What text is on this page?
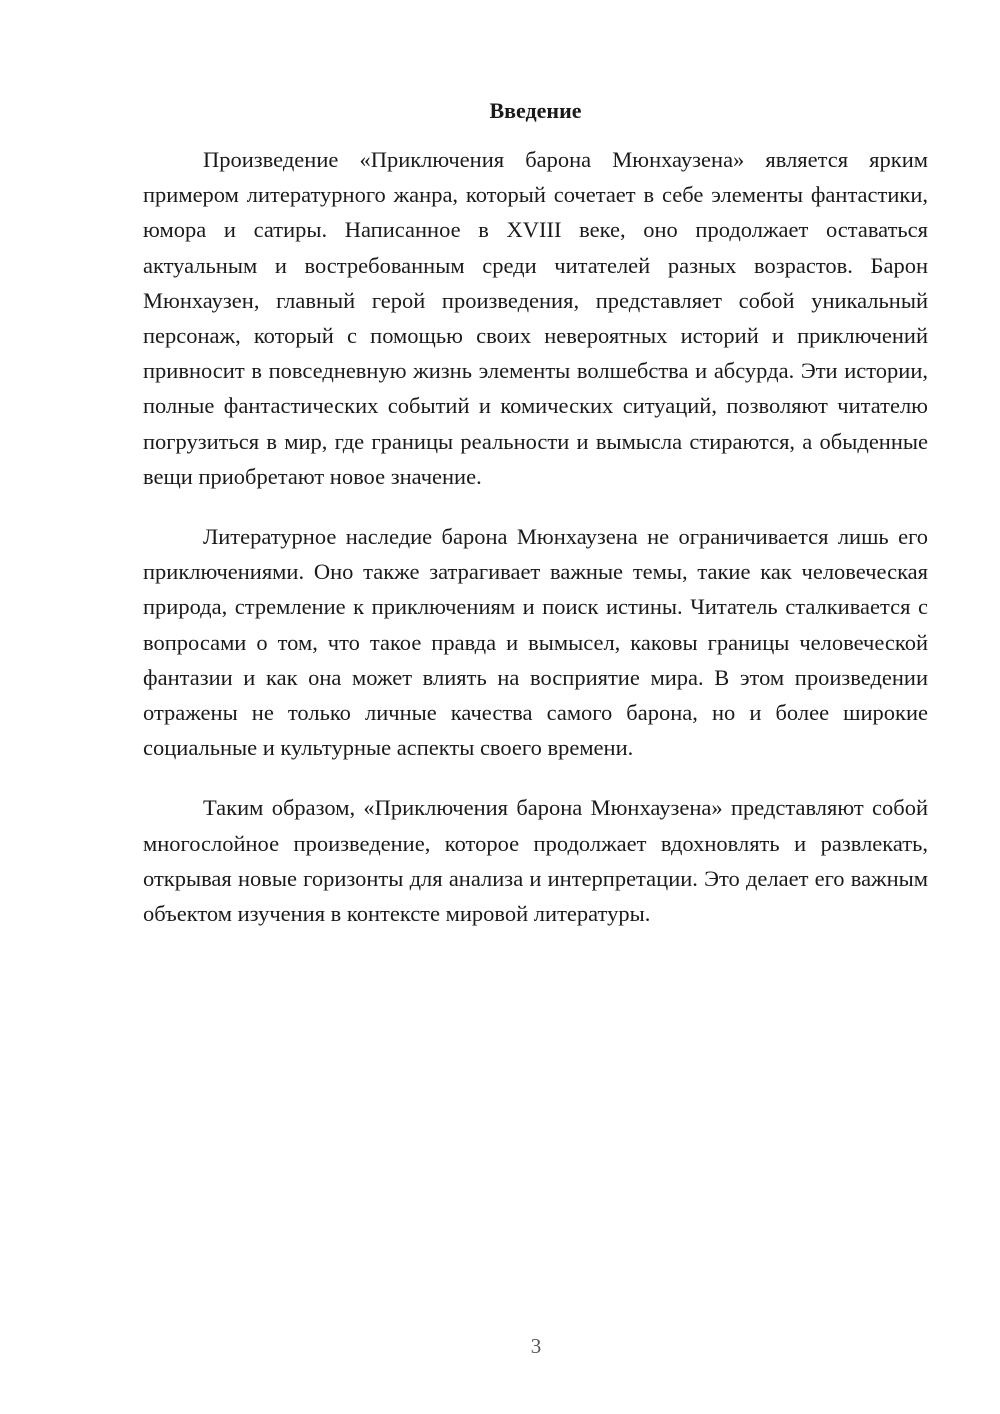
Введение

Произведение «Приключения барона Мюнхаузена» является ярким примером литературного жанра, который сочетает в себе элементы фантастики, юмора и сатиры. Написанное в XVIII веке, оно продолжает оставаться актуальным и востребованным среди читателей разных возрастов. Барон Мюнхаузен, главный герой произведения, представляет собой уникальный персонаж, который с помощью своих невероятных историй и приключений привносит в повседневную жизнь элементы волшебства и абсурда. Эти истории, полные фантастических событий и комических ситуаций, позволяют читателю погрузиться в мир, где границы реальности и вымысла стираются, а обыденные вещи приобретают новое значение.

Литературное наследие барона Мюнхаузена не ограничивается лишь его приключениями. Оно также затрагивает важные темы, такие как человеческая природа, стремление к приключениям и поиск истины. Читатель сталкивается с вопросами о том, что такое правда и вымысел, каковы границы человеческой фантазии и как она может влиять на восприятие мира. В этом произведении отражены не только личные качества самого барона, но и более широкие социальные и культурные аспекты своего времени.

Таким образом, «Приключения барона Мюнхаузена» представляют собой многослойное произведение, которое продолжает вдохновлять и развлекать, открывая новые горизонты для анализа и интерпретации. Это делает его важным объектом изучения в контексте мировой литературы.

3
